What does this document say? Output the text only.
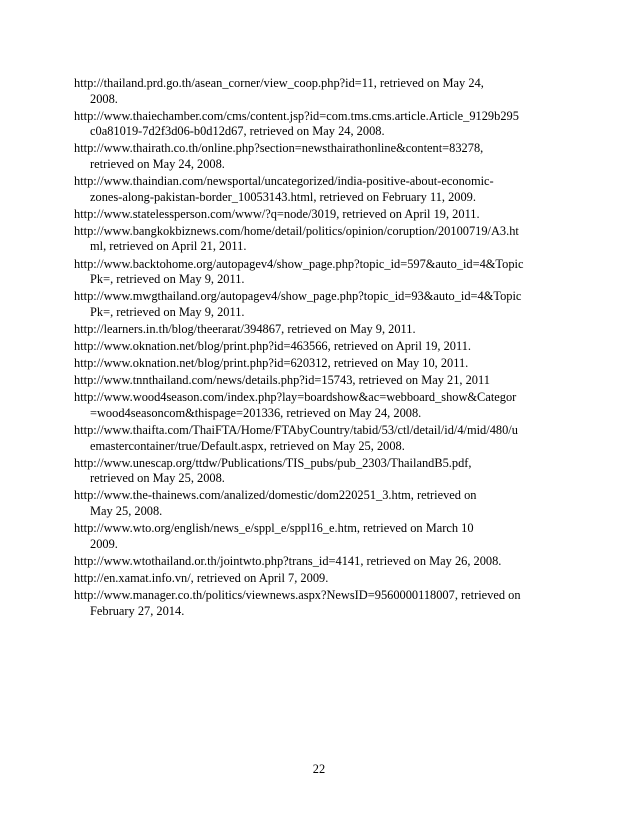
http://thailand.prd.go.th/asean_corner/view_coop.php?id=11, retrieved on May 24,
2008.
http://www.thaiechamber.com/cms/content.jsp?id=com.tms.cms.article.Article_9129b295
c0a81019-7d2f3d06-b0d12d67, retrieved on May 24, 2008.
http://www.thairath.co.th/online.php?section=newsthairathonline&content=83278,
retrieved on May 24, 2008.
http://www.thaindian.com/newsportal/uncategorized/india-positive-about-economic-
zones-along-pakistan-border_10053143.html, retrieved on February 11, 2009.
http://www.statelessperson.com/www/?q=node/3019, retrieved on April 19, 2011.
http://www.bangkokbiznews.com/home/detail/politics/opinion/coruption/20100719/A3.ht
ml, retrieved on April 21, 2011.
http://www.backtohome.org/autopagev4/show_page.php?topic_id=597&auto_id=4&Topic
Pk=, retrieved on May 9, 2011.
http://www.mwgthailand.org/autopagev4/show_page.php?topic_id=93&auto_id=4&Topic
Pk=, retrieved on May 9, 2011.
http://learners.in.th/blog/theerarat/394867, retrieved on May 9, 2011.
http://www.oknation.net/blog/print.php?id=463566, retrieved on April 19, 2011.
http://www.oknation.net/blog/print.php?id=620312, retrieved on May 10, 2011.
http://www.tnnthailand.com/news/details.php?id=15743, retrieved on May 21, 2011
http://www.wood4season.com/index.php?lay=boardshow&ac=webboard_show&Categor
=wood4seasoncom&thispage=201336, retrieved on May 24, 2008.
http://www.thaifta.com/ThaiFTA/Home/FTAbyCountry/tabid/53/ctl/detail/id/4/mid/480/u
emastercontainer/true/Default.aspx, retrieved on May 25, 2008.
http://www.unescap.org/ttdw/Publications/TIS_pubs/pub_2303/ThailandB5.pdf,
retrieved on May 25, 2008.
http://www.the-thainews.com/analized/domestic/dom220251_3.htm, retrieved on
May 25, 2008.
http://www.wto.org/english/news_e/sppl_e/sppl16_e.htm, retrieved on March 10
2009.
http://www.wtothailand.or.th/jointwto.php?trans_id=4141, retrieved on May 26, 2008.
http://en.xamat.info.vn/, retrieved on April 7, 2009.
http://www.manager.co.th/politics/viewnews.aspx?NewsID=9560000118007, retrieved on
February 27, 2014.
22
